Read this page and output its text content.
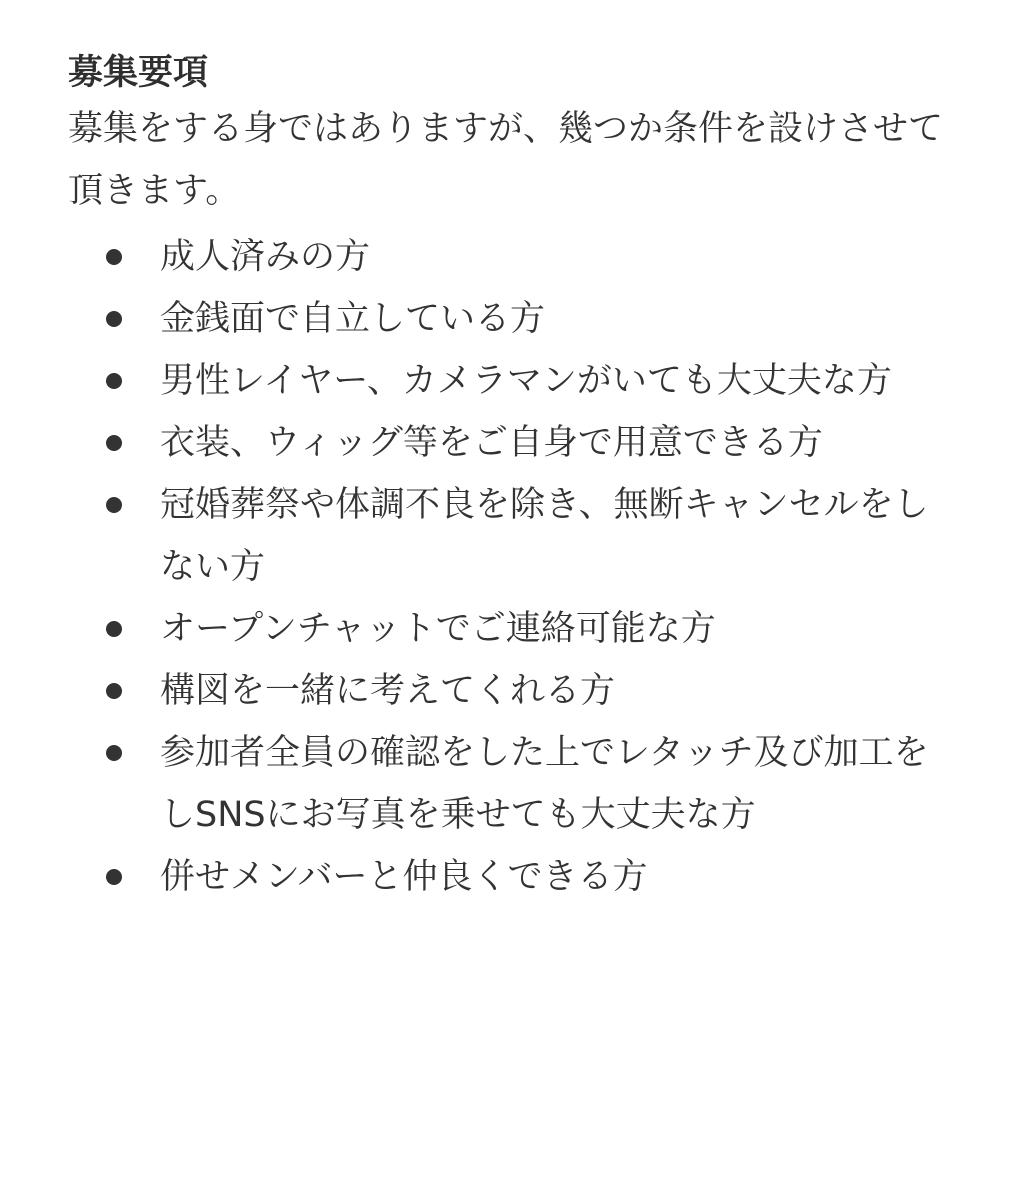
募集要項

募集をする身ではありますが、幾つか条件を設けさせて頂きます。

成人済みの方
金銭面で自立している方
男性レイヤー、カメラマンがいても大丈夫な方
衣装、ウィッグ等をご自身で用意できる方
冠婚葬祭や体調不良を除き、無断キャンセルをしない方
オープンチャットでご連絡可能な方
構図を一緒に考えてくれる方
参加者全員の確認をした上でレタッチ及び加工をしSNSにお写真を乗せても大丈夫な方
併せメンバーと仲良くできる方
